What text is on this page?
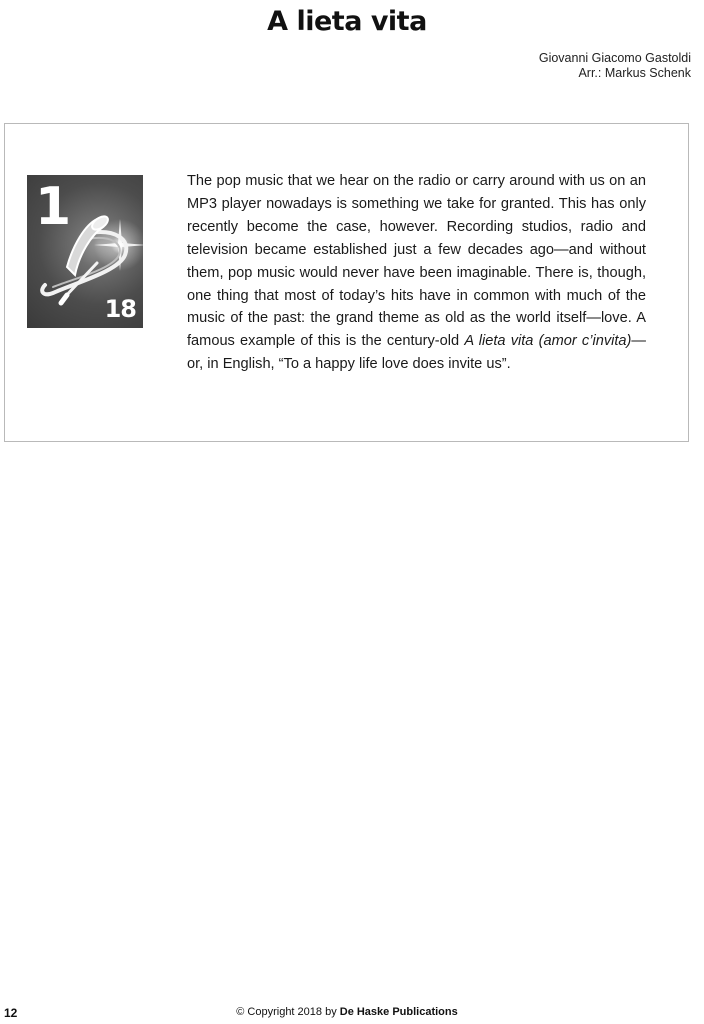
A lieta vita
Giovanni Giacomo Gastoldi
Arr.: Markus Schenk
1
18
The pop music that we hear on the radio or carry around with us on an MP3 player nowadays is something we take for granted. This has only recently become the case, however. Recording studios, radio and television became established just a few decades ago—and without them, pop music would never have been imaginable. There is, though, one thing that most of today’s hits have in common with much of the music of the past: the grand theme as old as the world itself—love. A famous example of this is the century-old A lieta vita (amor c’invita)—or, in English, “To a happy life love does invite us”.
12	© Copyright 2018 by De Haske Publications
